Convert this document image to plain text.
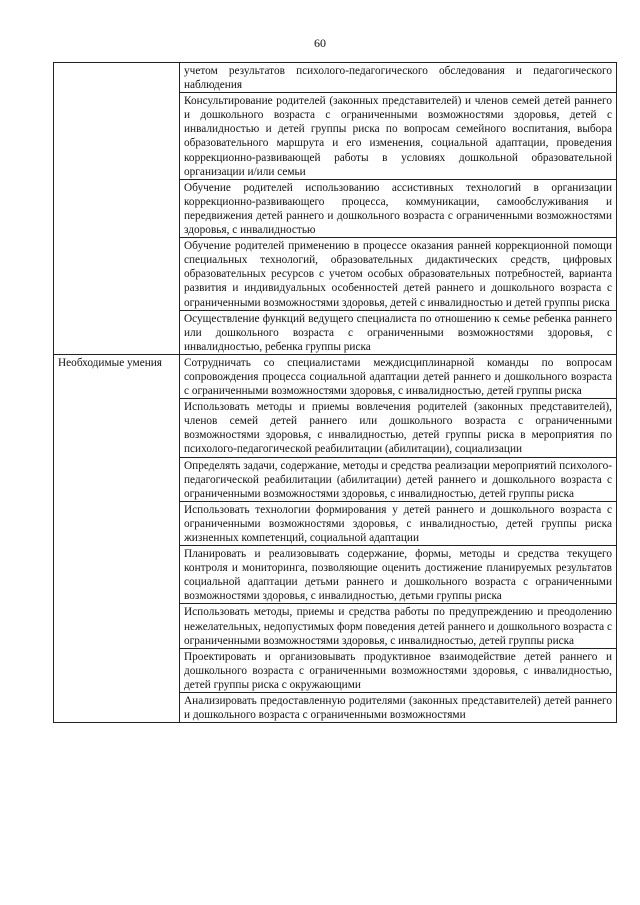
60
	учетом результатов психолого-педагогического обследования и педагогического наблюдения
	Консультирование родителей (законных представителей) и членов семей детей раннего и дошкольного возраста с ограниченными возможностями здоровья, детей с инвалидностью и детей группы риска по вопросам семейного воспитания, выбора образовательного маршрута и его изменения, социальной адаптации, проведения коррекционно-развивающей работы в условиях дошкольной образовательной организации и/или семьи
	Обучение родителей использованию ассистивных технологий в организации коррекционно-развивающего процесса, коммуникации, самообслуживания и передвижения детей раннего и дошкольного возраста с ограниченными возможностями здоровья, с инвалидностью
	Обучение родителей применению в процессе оказания ранней коррекционной помощи специальных технологий, образовательных дидактических средств, цифровых образовательных ресурсов с учетом особых образовательных потребностей, варианта развития и индивидуальных особенностей детей раннего и дошкольного возраста с ограниченными возможностями здоровья, детей с инвалидностью и детей группы риска
	Осуществление функций ведущего специалиста по отношению к семье ребенка раннего или дошкольного возраста с ограниченными возможностями здоровья, с инвалидностью, ребенка группы риска
Необходимые умения	Сотрудничать со специалистами междисциплинарной команды по вопросам сопровождения процесса социальной адаптации детей раннего и дошкольного возраста с ограниченными возможностями здоровья, с инвалидностью, детей группы риска
	Использовать методы и приемы вовлечения родителей (законных представителей), членов семей детей раннего или дошкольного возраста с ограниченными возможностями здоровья, с инвалидностью, детей группы риска в мероприятия по психолого-педагогической реабилитации (абилитации), социализации
	Определять задачи, содержание, методы и средства реализации мероприятий психолого-педагогической реабилитации (абилитации) детей раннего и дошкольного возраста с ограниченными возможностями здоровья, с инвалидностью, детей группы риска
	Использовать технологии формирования у детей раннего и дошкольного возраста с ограниченными возможностями здоровья, с инвалидностью, детей группы риска жизненных компетенций, социальной адаптации
	Планировать и реализовывать содержание, формы, методы и средства текущего контроля и мониторинга, позволяющие оценить достижение планируемых результатов социальной адаптации детьми раннего и дошкольного возраста с ограниченными возможностями здоровья, с инвалидностью, детьми группы риска
	Использовать методы, приемы и средства работы по предупреждению и преодолению нежелательных, недопустимых форм поведения детей раннего и дошкольного возраста с ограниченными возможностями здоровья, с инвалидностью, детей группы риска
	Проектировать и организовывать продуктивное взаимодействие детей раннего и дошкольного возраста с ограниченными возможностями здоровья, с инвалидностью, детей группы риска с окружающими
	Анализировать предоставленную родителями (законных представителей) детей раннего и дошкольного возраста с ограниченными возможностями
